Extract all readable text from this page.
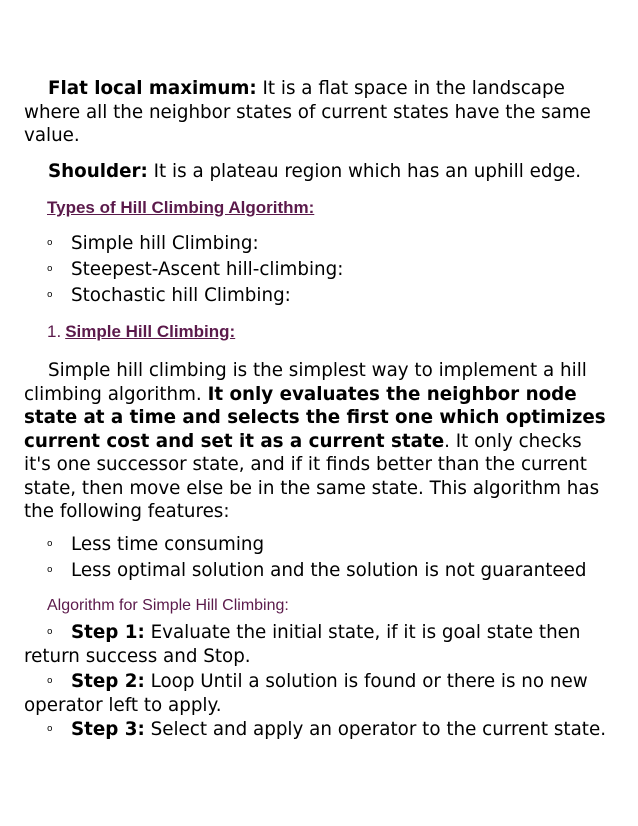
Flat local maximum: It is a flat space in the landscape where all the neighbor states of current states have the same value.

Shoulder: It is a plateau region which has an uphill edge.

Types of Hill Climbing Algorithm:

o Simple hill Climbing:

o Steepest-Ascent hill-climbing:

o Stochastic hill Climbing:

1. Simple Hill Climbing:

Simple hill climbing is the simplest way to implement a hill climbing algorithm. It only evaluates the neighbor node state at a time and selects the first one which optimizes current cost and set it as a current state. It only checks it's one successor state, and if it finds better than the current state, then move else be in the same state. This algorithm has the following features:

o Less time consuming

o Less optimal solution and the solution is not guaranteed

Algorithm for Simple Hill Climbing:

o Step 1: Evaluate the initial state, if it is goal state then return success and Stop.

o Step 2: Loop Until a solution is found or there is no new operator left to apply.

o Step 3: Select and apply an operator to the current state.
